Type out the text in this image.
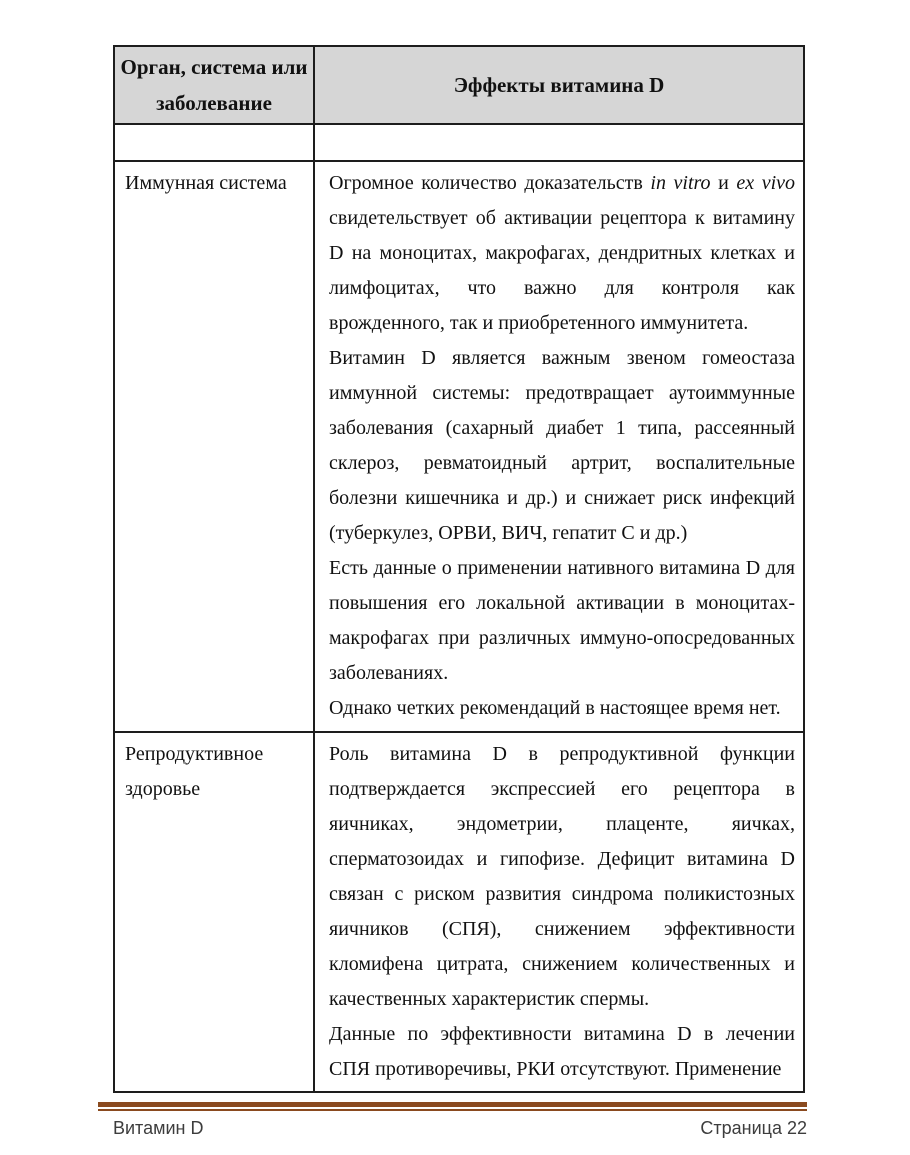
Орган, система или
заболевание	Эффекты витамина D

Иммунная система	Огромное количество доказательств in vitro и ex vivo свидетельствует об активации рецептора к витамину D на моноцитах, макрофагах, дендритных клетках и лимфоцитах, что важно для контроля как врожденного, так и приобретенного иммунитета.

Витамин D является важным звеном гомеостаза иммунной системы: предотвращает аутоиммунные заболевания (сахарный диабет 1 типа, рассеянный склероз, ревматоидный артрит, воспалительные болезни кишечника и др.) и снижает риск инфекций (туберкулез, ОРВИ, ВИЧ, гепатит С и др.)

Есть данные о применении нативного витамина D для повышения его локальной активации в моноцитах-макрофагах при различных иммуно-опосредованных заболеваниях.

Однако четких рекомендаций в настоящее время нет.

Репродуктивное здоровье	Роль витамина D в репродуктивной функции подтверждается экспрессией его рецептора в яичниках, эндометрии, плаценте, яичках, сперматозоидах и гипофизе. Дефицит витамина D связан с риском развития синдрома поликистозных яичников (СПЯ), снижением эффективности кломифена цитрата, снижением количественных и качественных характеристик спермы.

Данные по эффективности витамина D в лечении СПЯ противоречивы, РКИ отсутствуют. Применение

Витамин D	Страница 22
